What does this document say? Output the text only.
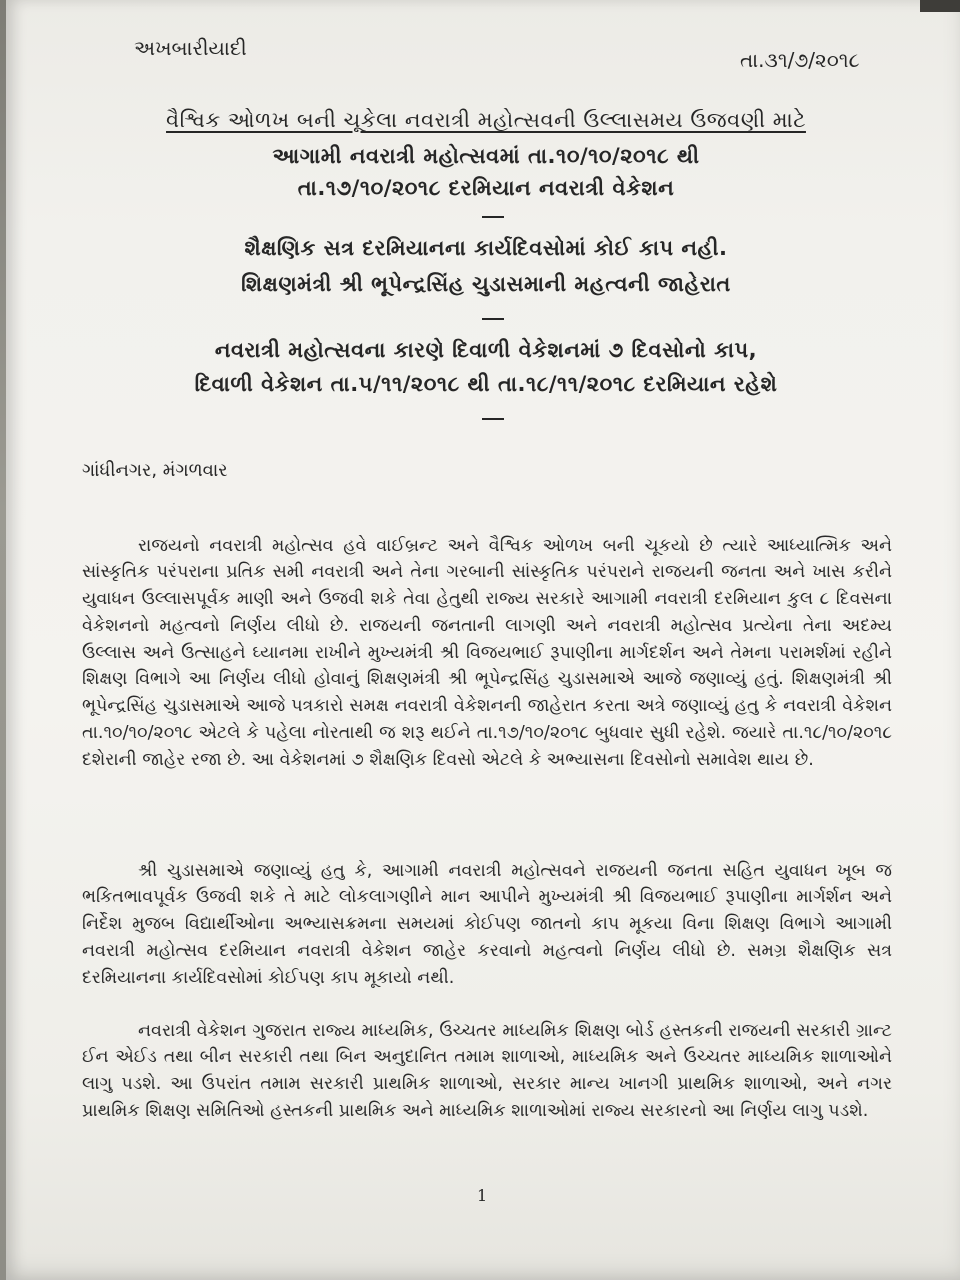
અખબારીયાદી	તા.૩૧/૭/૨૦૧૮
વૈશ્વિક ઓળખ બની ચૂકેલા નવરાત્રી મહોત્સવની ઉલ્લાસમય ઉજવણી માટે
આગામી નવરાત્રી મહોત્સવમાં તા.૧૦/૧૦/૨૦૧૮ થી
તા.૧૭/૧૦/૨૦૧૮ દરમિયાન નવરાત્રી વેકેશન
શૈક્ષણિક સત્ર દરમિયાનના કાર્યદિવસોમાં કોઈ કાપ નહી.
શિક્ષણમંત્રી શ્રી ભૂપેન્દ્રસિંહ ચુડાસમાની મહત્વની જાહેરાત
નવરાત્રી મહોત્સવના કારણે દિવાળી વેકેશનમાં ૭ દિવસોનો કાપ,
દિવાળી વેકેશન તા.૫/૧૧/૨૦૧૮ થી તા.૧૮/૧૧/૨૦૧૮ દરમિયાન રહેશે
ગાંધીનગર, મંગળવાર

રાજયનો નવરાત્રી મહોત્સવ હવે વાઈબ્રન્ટ અને વૈશ્વિક ઓળખ બની ચૂકયો છે ત્યારે આધ્યાત્મિક અને સાંસ્કૃતિક પરંપરાના પ્રતિક સમી નવરાત્રી અને તેના ગરબાની સાંસ્કૃતિક પરંપરાને રાજયની જનતા અને ખાસ કરીને યુવાધન ઉલ્લાસપૂર્વક માણી અને ઉજવી શકે તેવા હેતુથી રાજ્ય સરકારે આગામી નવરાત્રી દરમિયાન કુલ ૮ દિવસના વેકેશનનો મહત્વનો નિર્ણય લીધો છે. રાજયની જનતાની લાગણી અને નવરાત્રી મહોત્સવ પ્રત્યેના તેના અદમ્ય ઉલ્લાસ અને ઉત્સાહને ઘ્યાનમા રાખીને મુખ્યમંત્રી શ્રી વિજયભાઈ રૂપાણીના માર્ગદર્શન અને તેમના પરામર્શમાં રહીને શિક્ષણ વિભાગે આ નિર્ણય લીધો હોવાનું શિક્ષણમંત્રી શ્રી ભૂપેન્દ્રસિંહ ચુડાસમાએ આજે જણાવ્યું હતું. શિક્ષણમંત્રી શ્રી ભૂપેન્દ્રસિંહ ચુડાસમાએ આજે પત્રકારો સમક્ષ નવરાત્રી વેકેશનની જાહેરાત કરતા અત્રે જણાવ્યું હતુ કે નવરાત્રી વેકેશન તા.૧૦/૧૦/૨૦૧૮ એટલે કે પહેલા નોરતાથી જ શરૂ થઈને તા.૧૭/૧૦/૨૦૧૮ બુધવાર સુધી રહેશે. જયારે તા.૧૮/૧૦/૨૦૧૮ દશેરાની જાહેર રજા છે. આ વેકેશનમાં ૭ શૈક્ષણિક દિવસો એટલે કે અભ્યાસના દિવસોનો સમાવેશ થાય છે.

શ્રી ચુડાસમાએ જણાવ્યું હતુ કે, આગામી નવરાત્રી મહોત્સવને રાજયની જનતા સહિત યુવાધન ખૂબ જ ભકિતભાવપૂર્વક ઉજવી શકે તે માટે લોકલાગણીને માન આપીને મુખ્યમંત્રી શ્રી વિજયભાઈ રૂપાણીના માર્ગર્શન અને નિર્દેશ મુજબ વિદ્યાર્થીઓના અભ્યાસક્રમના સમયમાં કોઈપણ જાતનો કાપ મૂકયા વિના શિક્ષણ વિભાગે આગામી નવરાત્રી મહોત્સવ દરમિયાન નવરાત્રી વેકેશન જાહેર કરવાનો મહત્વનો નિર્ણય લીધો છે. સમગ્ર શૈક્ષણિક સત્ર દરમિયાનના કાર્યદિવસોમાં કોઈપણ કાપ મૂકાયો નથી.

નવરાત્રી વેકેશન ગુજરાત રાજ્ય માધ્યમિક, ઉચ્ચતર માધ્યમિક શિક્ષણ બોર્ડ હસ્તકની રાજયની સરકારી ગ્રાન્ટ ઈન એઈડ તથા બીન સરકારી તથા બિન અનુદાનિત તમામ શાળાઓ, માધ્યમિક અને ઉચ્ચતર માધ્યમિક શાળાઓને લાગુ પડશે. આ ઉપરાંત તમામ સરકારી પ્રાથમિક શાળાઓ, સરકાર માન્ય ખાનગી પ્રાથમિક શાળાઓ, અને નગર પ્રાથમિક શિક્ષણ સમિતિઓ હસ્તકની પ્રાથમિક અને માધ્યમિક શાળાઓમાં રાજ્ય સરકારનો આ નિર્ણય લાગુ પડશે.

1
